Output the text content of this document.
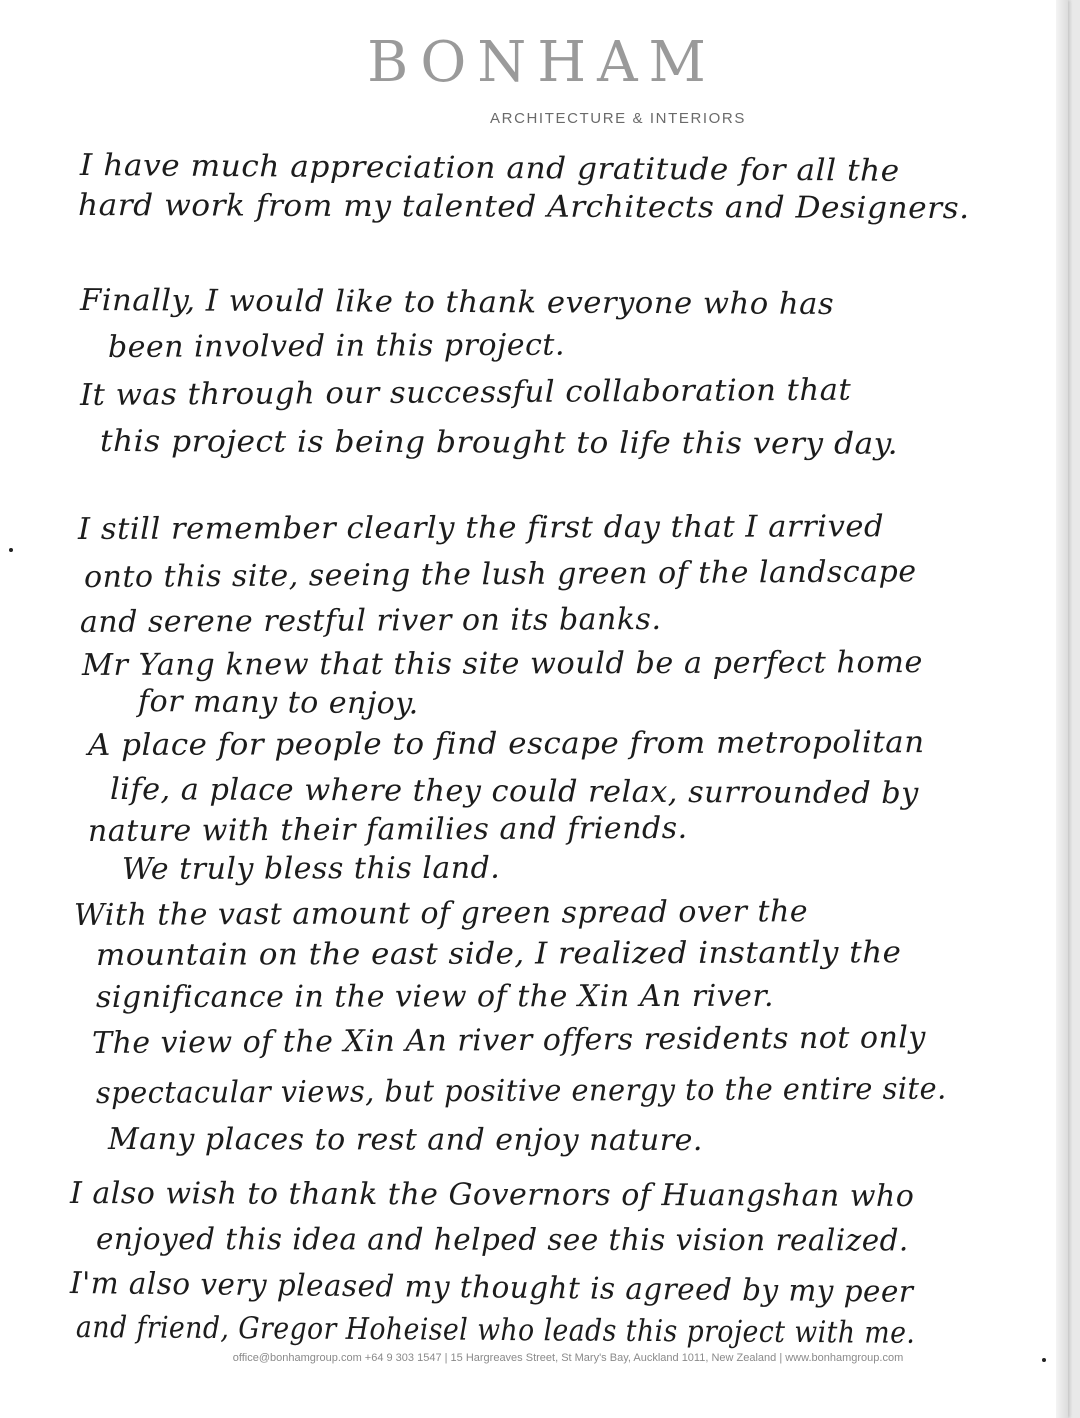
BONHAM
ARCHITECTURE & INTERIORS

I have much appreciation and gratitude for all the

hard work from my talented Architects and Designers.

Finally, I would like to thank everyone who has

been involved in this project.

It was through our successful collaboration that

this project is being brought to life this very day.

I still remember clearly the first day that I arrived

onto this site, seeing the lush green of the landscape

and serene restful river on its banks.

Mr Yang knew that this site would be a perfect home

for many to enjoy.

A place for people to find escape from metropolitan

life, a place where they could relax, surrounded by

nature with their families and friends.

We truly bless this land.

With the vast amount of green spread over the

mountain on the east side, I realized instantly the

significance in the view of the Xin An river.

The view of the Xin An river offers residents not only

spectacular views, but positive energy to the entire site.

Many places to rest and enjoy nature.

I also wish to thank the Governors of Huangshan who

enjoyed this idea and helped see this vision realized.

I'm also very pleased my thought is agreed by my peer

and friend, Gregor Hoheisel who leads this project with me.

office@bonhamgroup.com +64 9 303 1547 | 15 Hargreaves Street, St Mary's Bay, Auckland 1011, New Zealand | www.bonhamgroup.com
